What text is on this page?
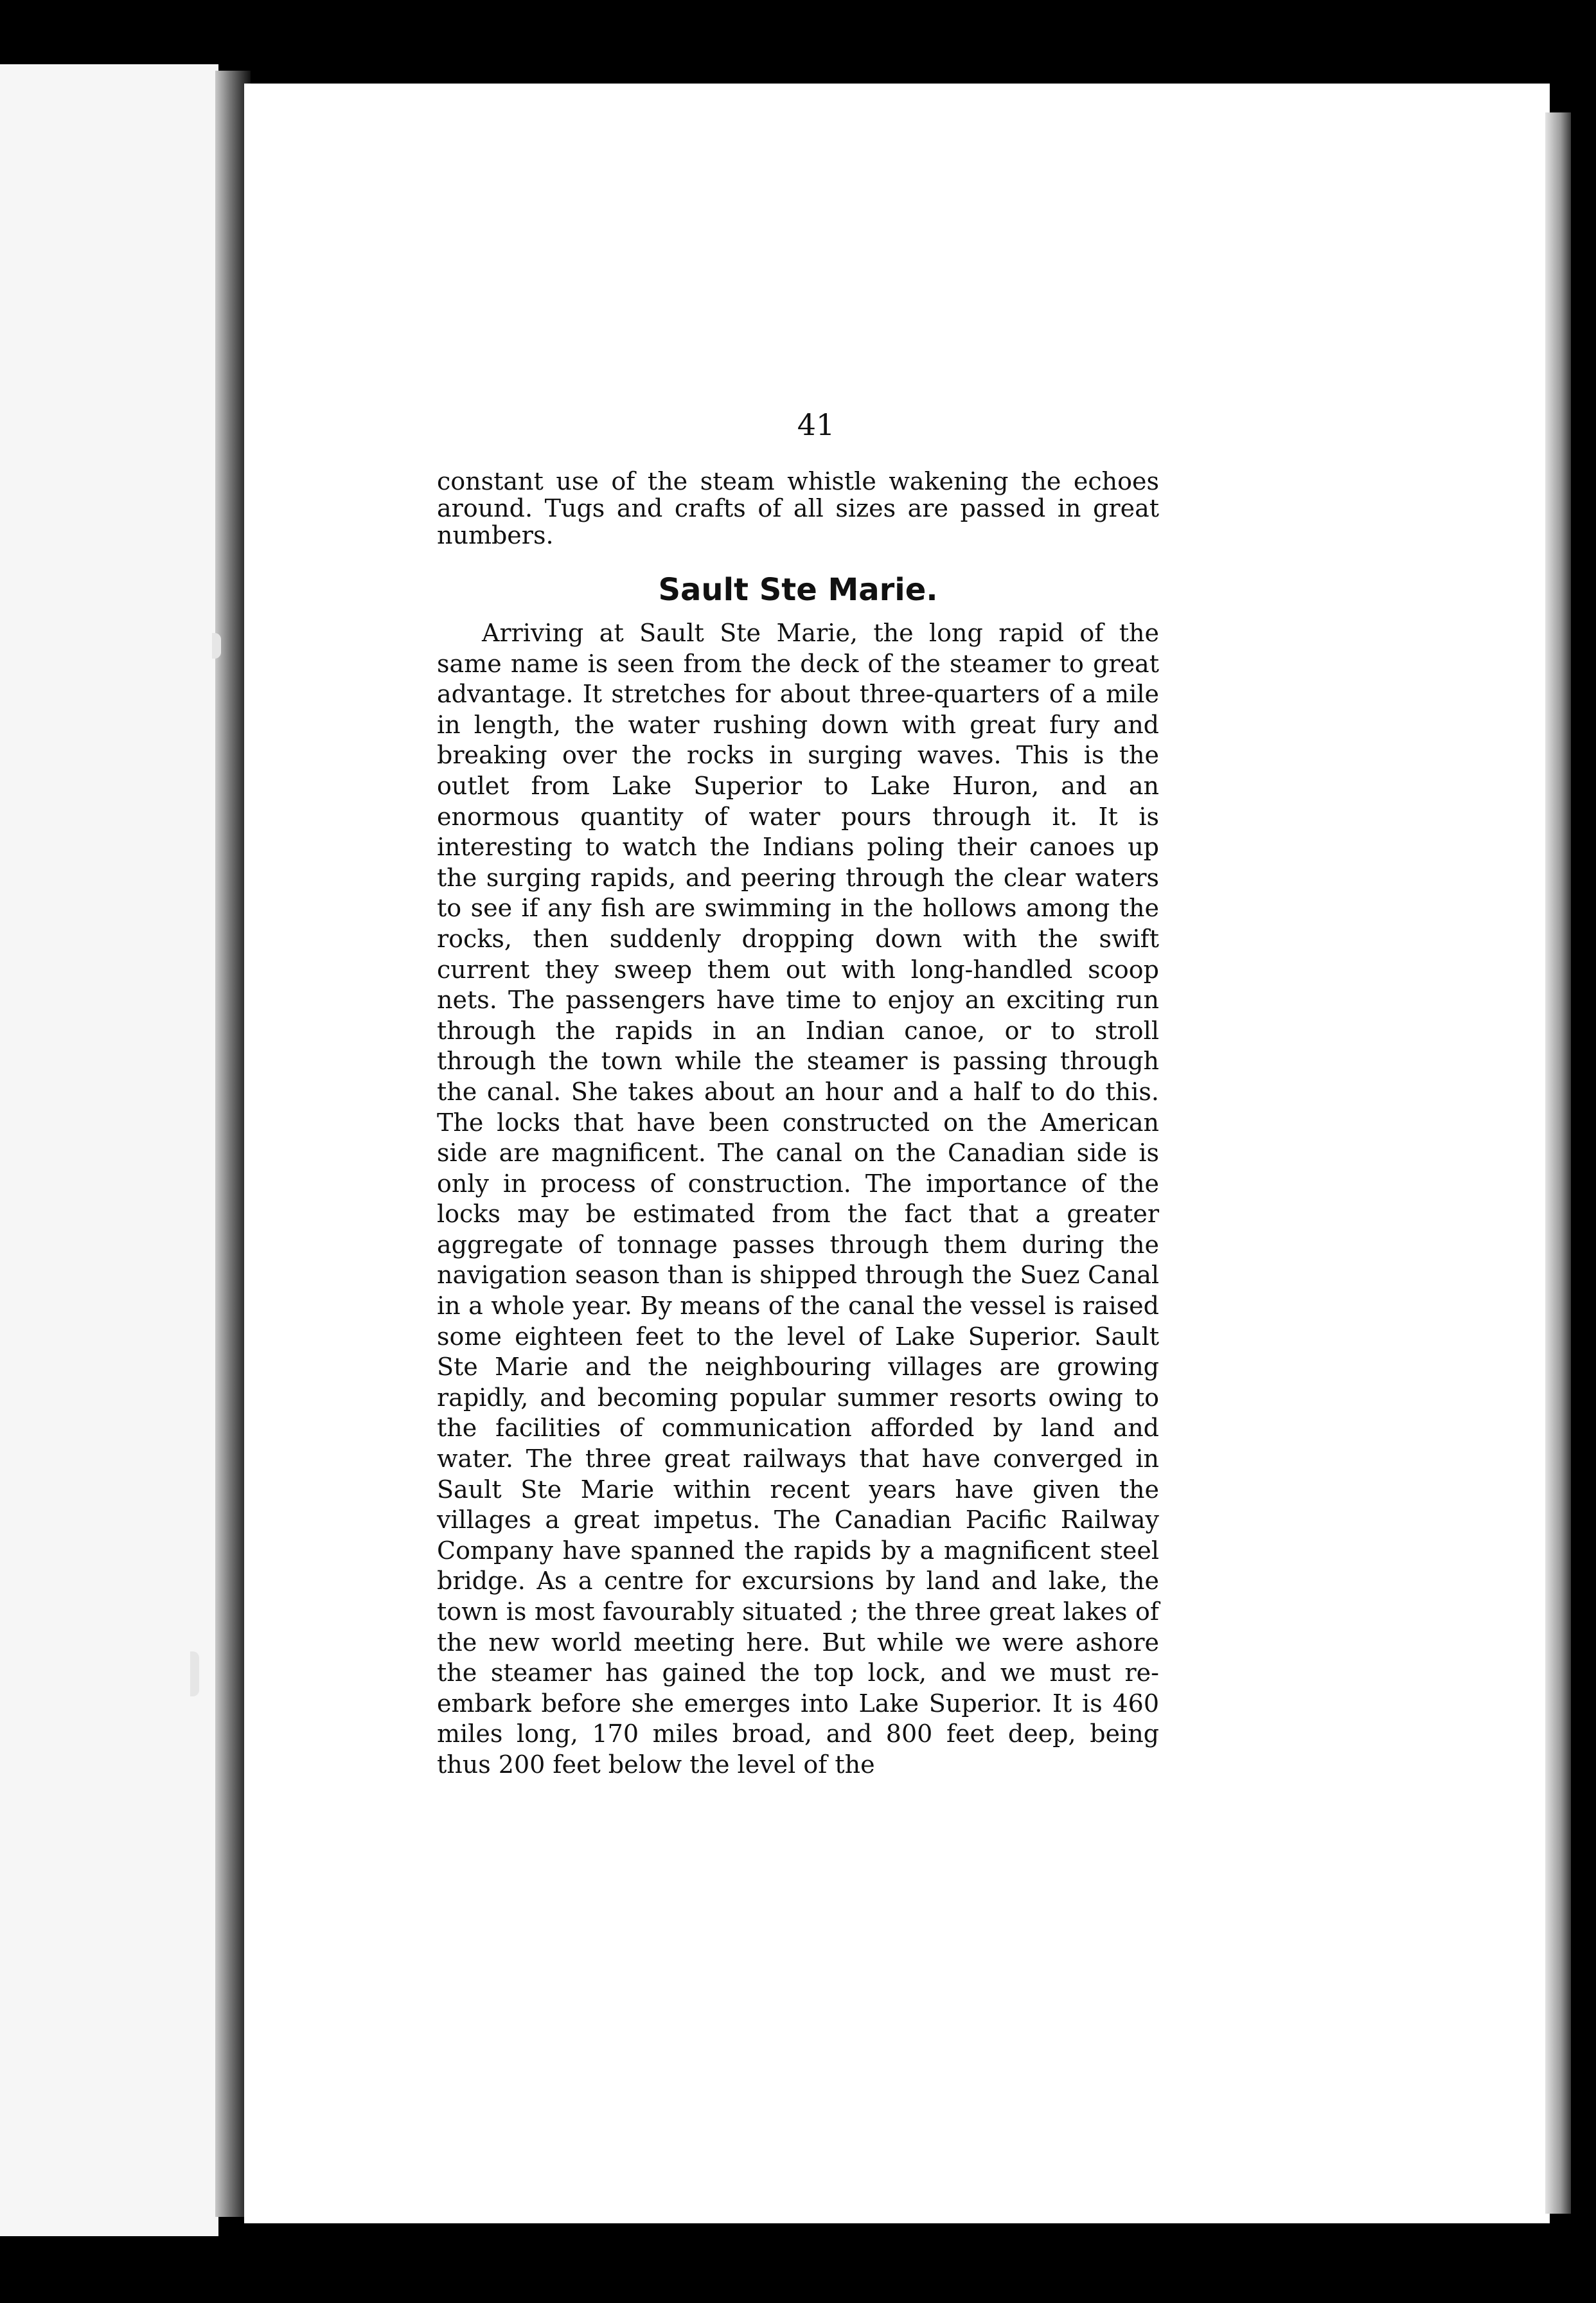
41

constant use of the steam whistle wakening the echoes around. Tugs and crafts of all sizes are passed in great numbers.

Sault Ste Marie.

Arriving at Sault Ste Marie, the long rapid of the same name is seen from the deck of the steamer to great advantage. It stretches for about three-quarters of a mile in length, the water rushing down with great fury and breaking over the rocks in surging waves. This is the outlet from Lake Superior to Lake Huron, and an enormous quantity of water pours through it. It is interesting to watch the Indians poling their canoes up the surging rapids, and peering through the clear waters to see if any fish are swimming in the hollows among the rocks, then suddenly dropping down with the swift current they sweep them out with long-handled scoop nets. The passengers have time to enjoy an exciting run through the rapids in an Indian canoe, or to stroll through the town while the steamer is passing through the canal. She takes about an hour and a half to do this. The locks that have been constructed on the American side are magnificent. The canal on the Canadian side is only in process of construction. The importance of the locks may be estimated from the fact that a greater aggregate of tonnage passes through them during the navigation season than is shipped through the Suez Canal in a whole year. By means of the canal the vessel is raised some eighteen feet to the level of Lake Superior. Sault Ste Marie and the neighbouring villages are growing rapidly, and becoming popular summer resorts owing to the facilities of communication afforded by land and water. The three great railways that have converged in Sault Ste Marie within recent years have given the villages a great impetus. The Canadian Pacific Railway Company have spanned the rapids by a magnificent steel bridge. As a centre for excursions by land and lake, the town is most favourably situated ; the three great lakes of the new world meeting here. But while we were ashore the steamer has gained the top lock, and we must re-embark before she emerges into Lake Superior. It is 460 miles long, 170 miles broad, and 800 feet deep, being thus 200 feet below the level of the
